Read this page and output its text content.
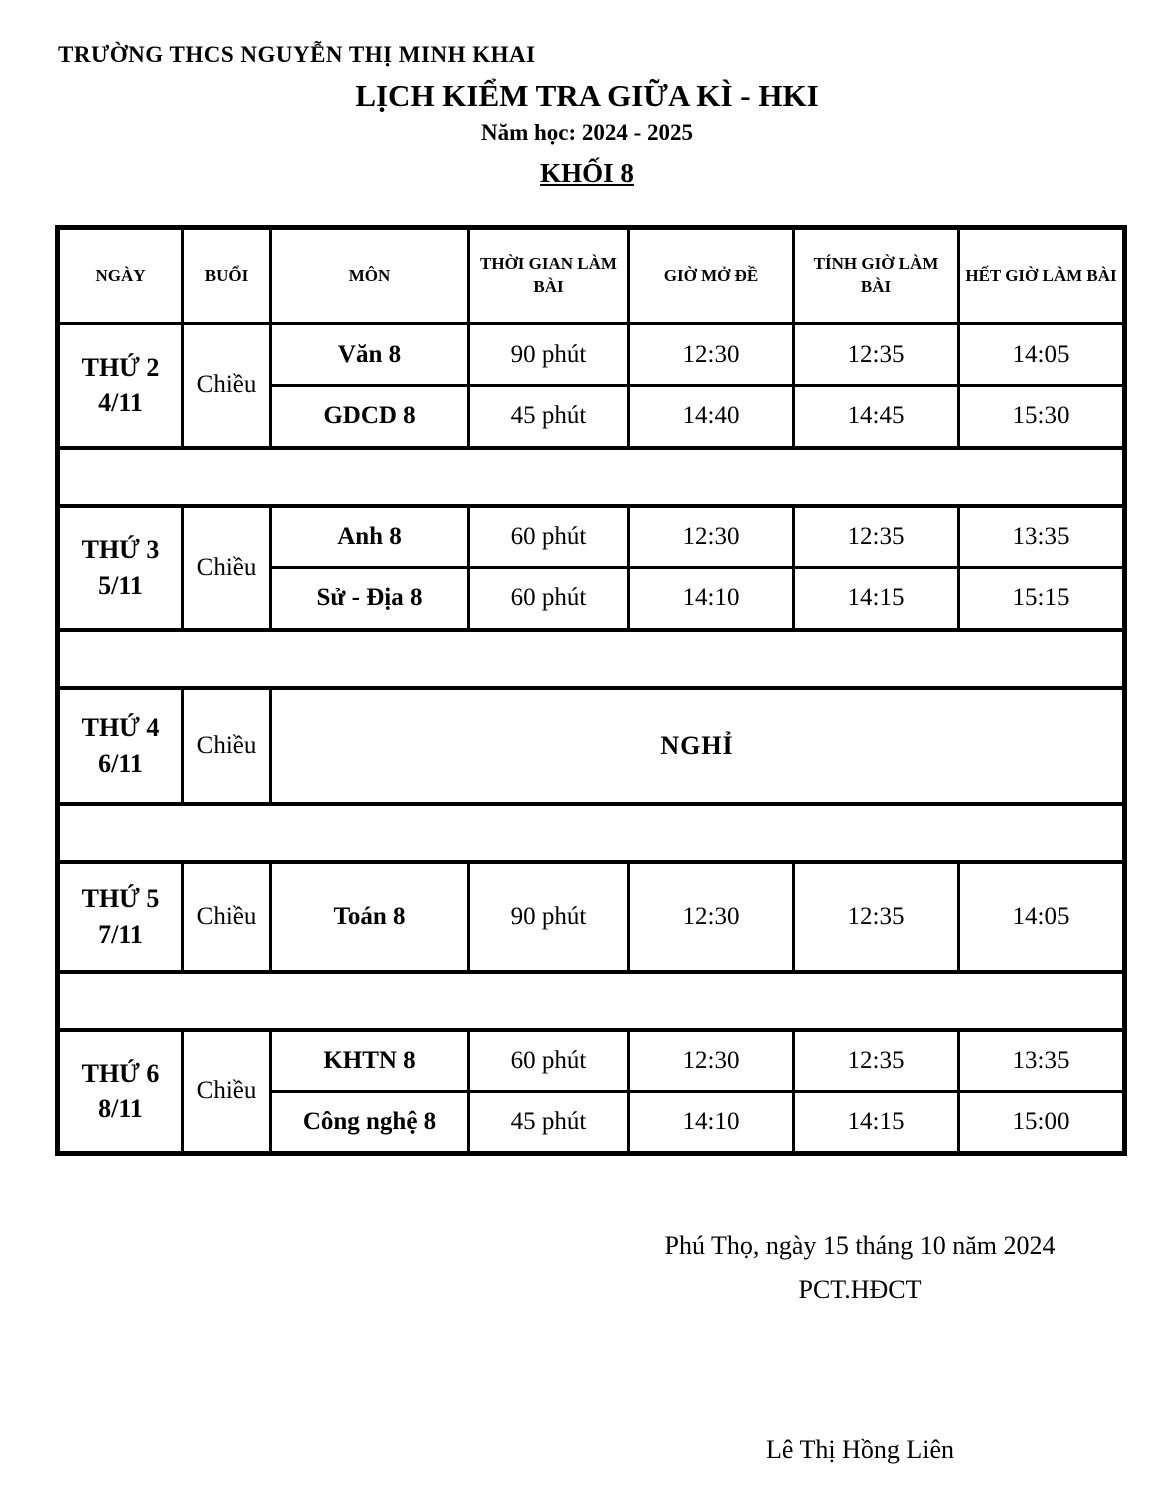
TRƯỜNG THCS NGUYỄN THỊ MINH KHAI
LỊCH KIỂM TRA GIỮA KÌ - HKI
Năm học: 2024 - 2025
KHỐI 8
NGÀY	BUỔI	MÔN	THỜI GIAN LÀM BÀI	GIỜ MỞ ĐỀ	TÍNH GIỜ LÀM BÀI	HẾT GIỜ LÀM BÀI

THỨ 2
4/11	Chiều	Văn 8	90 phút	12:30	12:35	14:05
		GDCD 8	45 phút	14:40	14:45	15:30

THỨ 3
5/11	Chiều	Anh 8	60 phút	12:30	12:35	13:35
		Sử - Địa 8	60 phút	14:10	14:15	15:15

THỨ 4
6/11	Chiều	NGHỈ				

THỨ 5
7/11	Chiều	Toán 8	90 phút	12:30	12:35	14:05

THỨ 6
8/11	Chiều	KHTN 8	60 phút	12:30	12:35	13:35
		Công nghệ 8	45 phút	14:10	14:15	15:00
Phú Thọ, ngày 15 tháng 10 năm 2024
PCT.HĐCT
Lê Thị Hồng Liên
